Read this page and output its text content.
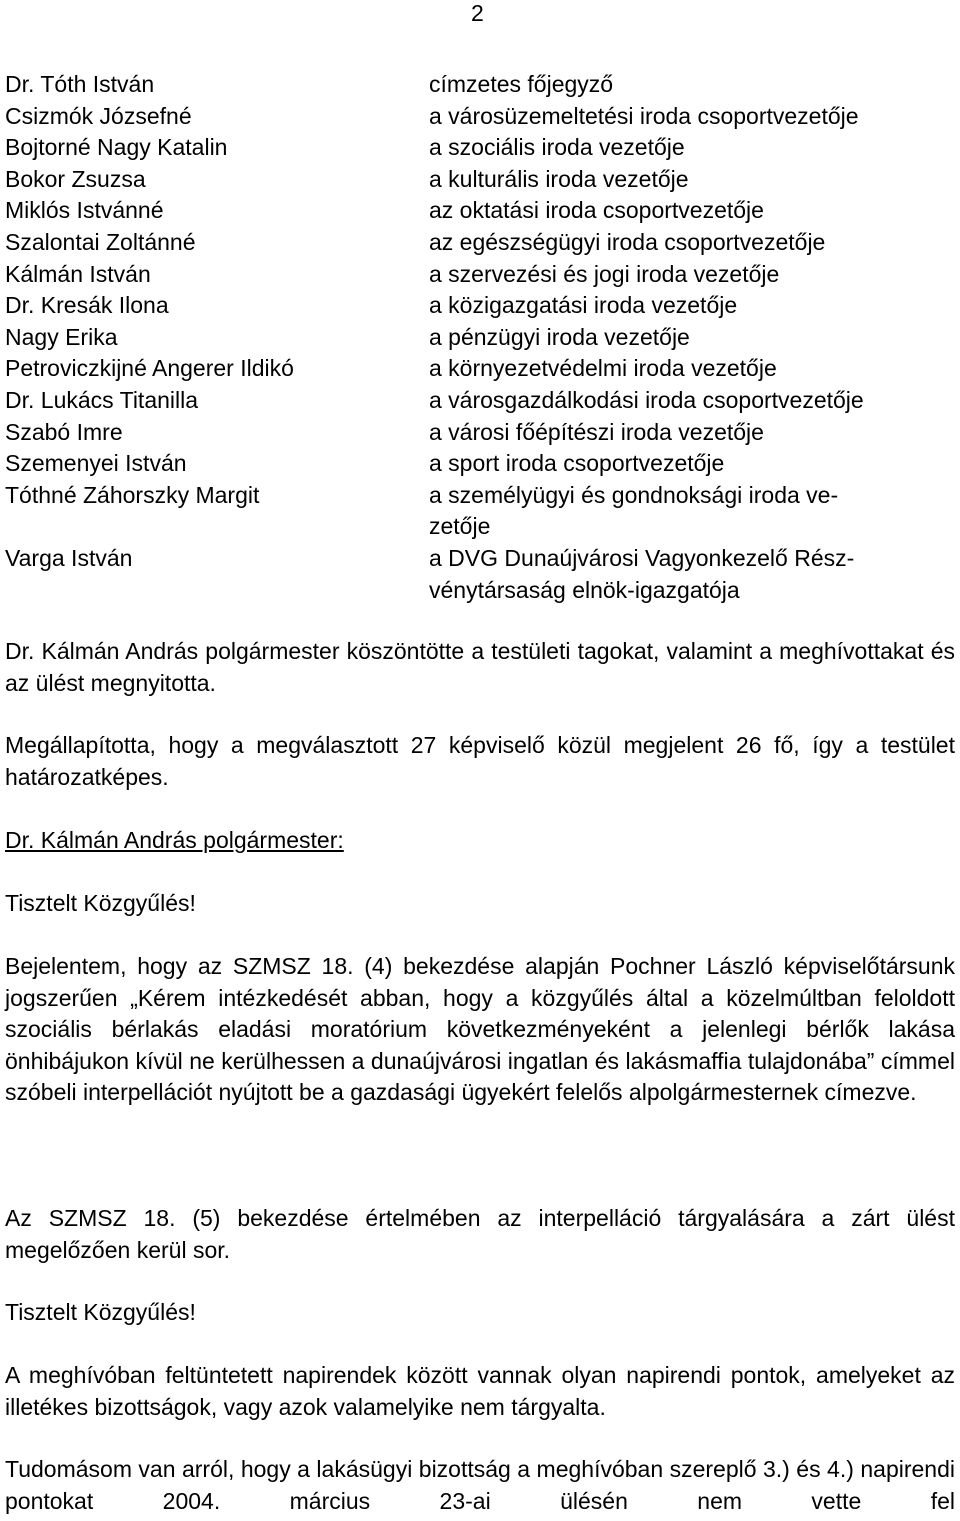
2
Dr. Tóth István	címzetes főjegyző
Csizmók Józsefné	a városüzemeltetési iroda csoportvezetője
Bojtorné Nagy Katalin	a szociális iroda vezetője
Bokor Zsuzsa	a kulturális iroda vezetője
Miklós Istvánné	az oktatási iroda csoportvezetője
Szalontai Zoltánné	az egészségügyi iroda csoportvezetője
Kálmán István	a szervezési és jogi iroda vezetője
Dr. Kresák Ilona	a közigazgatási iroda vezetője
Nagy Erika	a pénzügyi iroda vezetője
Petroviczkijné Angerer Ildikó	a környezetvédelmi iroda vezetője
Dr. Lukács Titanilla	a városgazdálkodási iroda csoportvezetője
Szabó Imre	a városi főépítészi iroda vezetője
Szemenyei István	a sport iroda csoportvezetője
Tóthné Záhorszky Margit	a személyügyi és gondnoksági iroda ve-
zetője
Varga István	a DVG Dunaújvárosi Vagyonkezelő Rész-
vénytársaság elnök-igazgatója

Dr. Kálmán András polgármester köszöntötte a testületi tagokat, valamint a meghívottakat és az ülést megnyitotta.

Megállapította, hogy a megválasztott 27 képviselő közül megjelent 26 fő, így a testület határozatképes.

Dr. Kálmán András polgármester:
Tisztelt Közgyűlés!

Bejelentem, hogy az SZMSZ 18. (4) bekezdése alapján Pochner László képviselőtársunk jogszerűen „Kérem intézkedését abban, hogy a közgyűlés által a közelmúltban feloldott szociális bérlakás eladási moratórium következményeként a jelenlegi bérlők lakása önhibájukon kívül ne kerülhessen a dunaújvárosi ingatlan és lakásmaffia tulajdonába” címmel szóbeli interpellációt nyújtott be a gazdasági ügyekért felelős alpolgármesternek címezve.

Az SZMSZ 18. (5) bekezdése értelmében az interpelláció tárgyalására a zárt ülést megelőzően kerül sor.

Tisztelt Közgyűlés!

A meghívóban feltüntetett napirendek között vannak olyan napirendi pontok, amelyeket az illetékes bizottságok, vagy azok valamelyike nem tárgyalta.

Tudomásom van arról, hogy a lakásügyi bizottság a meghívóban szereplő 3.) és 4.) napirendi pontokat 2004. március 23-ai ülésén nem vette fel
